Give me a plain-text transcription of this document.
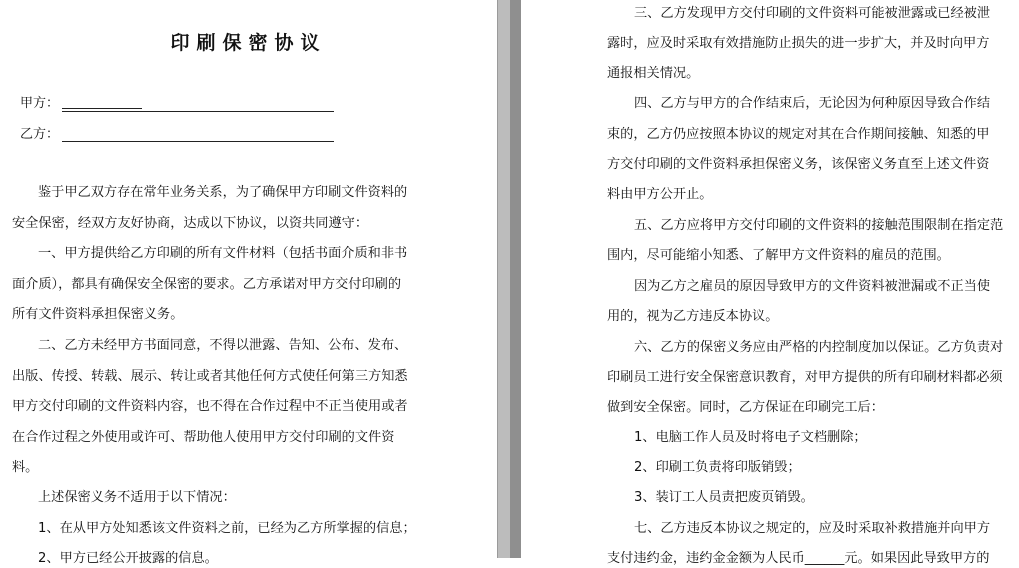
印刷保密协议
甲方：
乙方：
鉴于甲乙双方存在常年业务关系，为了确保甲方印刷文件资料的
安全保密，经双方友好协商，达成以下协议，以资共同遵守：
一、甲方提供给乙方印刷的所有文件材料（包括书面介质和非书
面介质），都具有确保安全保密的要求。乙方承诺对甲方交付印刷的
所有文件资料承担保密义务。
二、乙方未经甲方书面同意，不得以泄露、告知、公布、发布、
出版、传授、转载、展示、转让或者其他任何方式使任何第三方知悉
甲方交付印刷的文件资料内容，也不得在合作过程中不正当使用或者
在合作过程之外使用或许可、帮助他人使用甲方交付印刷的文件资
料。
上述保密义务不适用于以下情况：
1、在从甲方处知悉该文件资料之前，已经为乙方所掌握的信息；
2、甲方已经公开披露的信息。
三、乙方发现甲方交付印刷的文件资料可能被泄露或已经被泄
露时，应及时采取有效措施防止损失的进一步扩大，并及时向甲方
通报相关情况。
四、乙方与甲方的合作结束后，无论因为何种原因导致合作结
束的，乙方仍应按照本协议的规定对其在合作期间接触、知悉的甲
方交付印刷的文件资料承担保密义务，该保密义务直至上述文件资
料由甲方公开止。
五、乙方应将甲方交付印刷的文件资料的接触范围限制在指定范
围内，尽可能缩小知悉、了解甲方文件资料的雇员的范围。
因为乙方之雇员的原因导致甲方的文件资料被泄漏或不正当使
用的，视为乙方违反本协议。
六、乙方的保密义务应由严格的内控制度加以保证。乙方负责对
印刷员工进行安全保密意识教育，对甲方提供的所有印刷材料都必须
做到安全保密。同时，乙方保证在印刷完工后：
1、电脑工作人员及时将电子文档删除；
2、印刷工负责将印版销毁；
3、装订工人员责把废页销毁。
七、乙方违反本协议之规定的，应及时采取补救措施并向甲方
支付违约金，违约金金额为人民币______元。如果因此导致甲方的
